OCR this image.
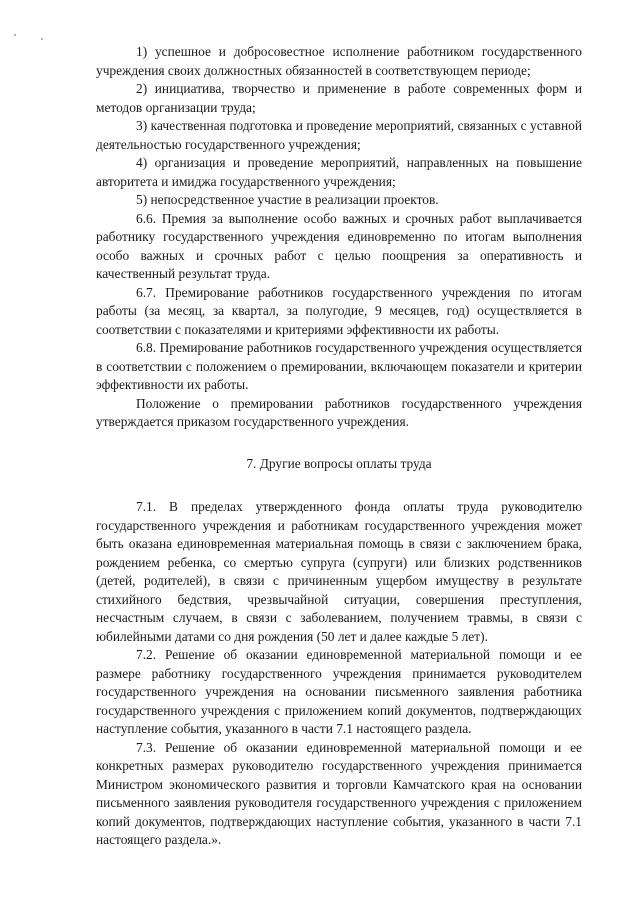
1) успешное и добросовестное исполнение работником государственного учреждения своих должностных обязанностей в соответствующем периоде;

2) инициатива, творчество и применение в работе современных форм и методов организации труда;

3) качественная подготовка и проведение мероприятий, связанных с уставной деятельностью государственного учреждения;

4) организация и проведение мероприятий, направленных на повышение авторитета и имиджа государственного учреждения;

5) непосредственное участие в реализации проектов.

6.6. Премия за выполнение особо важных и срочных работ выплачивается работнику государственного учреждения единовременно по итогам выполнения особо важных и срочных работ с целью поощрения за оперативность и качественный результат труда.

6.7. Премирование работников государственного учреждения по итогам работы (за месяц, за квартал, за полугодие, 9 месяцев, год) осуществляется в соответствии с показателями и критериями эффективности их работы.

6.8. Премирование работников государственного учреждения осуществляется в соответствии с положением о премировании, включающем показатели и критерии эффективности их работы.

Положение о премировании работников государственного учреждения утверждается приказом государственного учреждения.

7. Другие вопросы оплаты труда

7.1. В пределах утвержденного фонда оплаты труда руководителю государственного учреждения и работникам государственного учреждения может быть оказана единовременная материальная помощь в связи с заключением брака, рождением ребенка, со смертью супруга (супруги) или близких родственников (детей, родителей), в связи с причиненным ущербом имуществу в результате стихийного бедствия, чрезвычайной ситуации, совершения преступления, несчастным случаем, в связи с заболеванием, получением травмы, в связи с юбилейными датами со дня рождения (50 лет и далее каждые 5 лет).

7.2. Решение об оказании единовременной материальной помощи и ее размере работнику государственного учреждения принимается руководителем государственного учреждения на основании письменного заявления работника государственного учреждения с приложением копий документов, подтверждающих наступление события, указанного в части 7.1 настоящего раздела.

7.3. Решение об оказании единовременной материальной помощи и ее конкретных размерах руководителю государственного учреждения принимается Министром экономического развития и торговли Камчатского края на основании письменного заявления руководителя государственного учреждения с приложением копий документов, подтверждающих наступление события, указанного в части 7.1 настоящего раздела.».
